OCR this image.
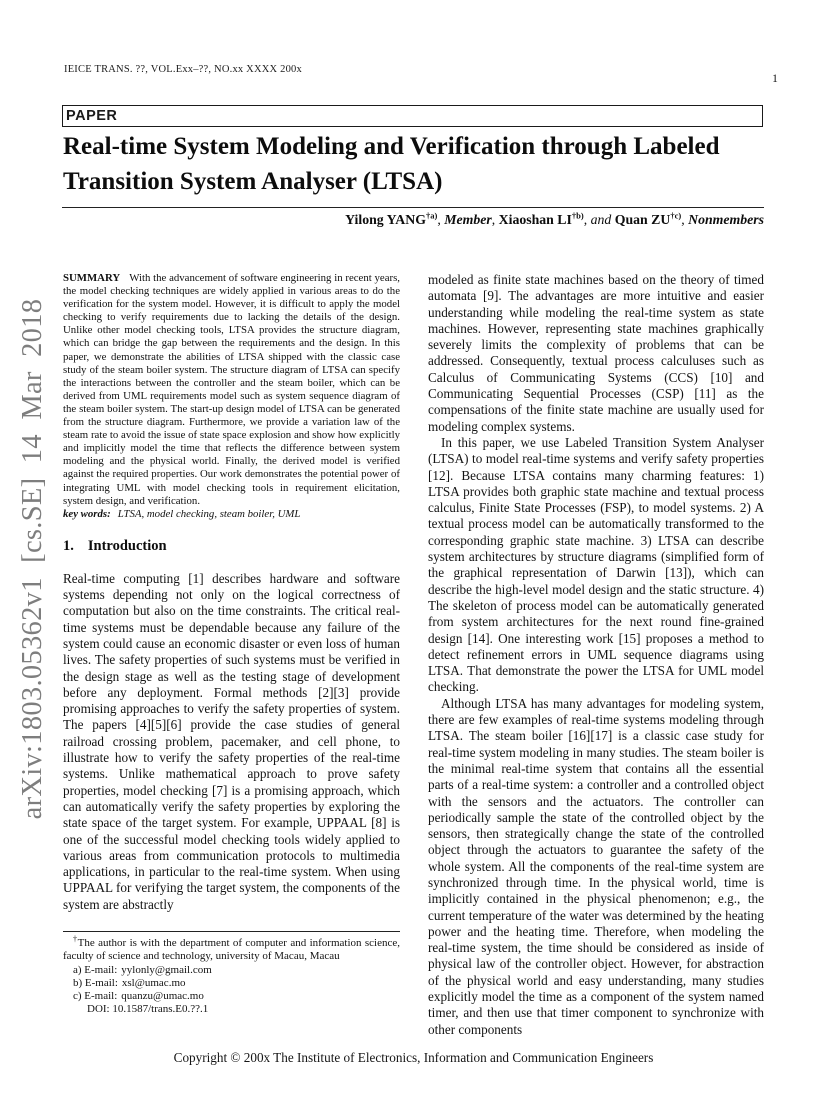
arXiv:1803.05362v1 [cs.SE] 14 Mar 2018
IEICE TRANS. ??, VOL.Exx–??, NO.xx XXXX 200x
1
PAPER
Real-time System Modeling and Verification through Labeled Transition System Analyser (LTSA)
Yilong YANG$^{\dagger a)}$, Member, Xiaoshan LI$^{\dagger b)}$, and Quan ZU$^{\dagger c)}$, Nonmembers

SUMMARY With the advancement of software engineering in recent years, the model checking techniques are widely applied in various areas to do the verification for the system model. However, it is difficult to apply the model checking to verify requirements due to lacking the details of the design. Unlike other model checking tools, LTSA provides the structure diagram, which can bridge the gap between the requirements and the design. In this paper, we demonstrate the abilities of LTSA shipped with the classic case study of the steam boiler system. The structure diagram of LTSA can specify the interactions between the controller and the steam boiler, which can be derived from UML requirements model such as system sequence diagram of the steam boiler system. The start-up design model of LTSA can be generated from the structure diagram. Furthermore, we provide a variation law of the steam rate to avoid the issue of state space explosion and show how explicitly and implicitly model the time that reflects the difference between system modeling and the physical world. Finally, the derived model is verified against the required properties. Our work demonstrates the potential power of integrating UML with model checking tools in requirement elicitation, system design, and verification.

key words: LTSA, model checking, steam boiler, UML

1. Introduction

Real-time computing [1] describes hardware and software systems depending not only on the logical correctness of computation but also on the time constraints. The critical real-time systems must be dependable because any failure of the system could cause an economic disaster or even loss of human lives. The safety properties of such systems must be verified in the design stage as well as the testing stage of development before any deployment. Formal methods [2][3] provide promising approaches to verify the safety properties of system. The papers [4][5][6] provide the case studies of general railroad crossing problem, pacemaker, and cell phone, to illustrate how to verify the safety properties of the real-time systems. Unlike mathematical approach to prove safety properties, model checking [7] is a promising approach, which can automatically verify the safety properties by exploring the state space of the target system. For example, UPPAAL [8] is one of the successful model checking tools widely applied to various areas from communication protocols to multimedia applications, in particular to the real-time system. When using UPPAAL for verifying the target system, the components of the system are abstractly

modeled as finite state machines based on the theory of timed automata [9]. The advantages are more intuitive and easier understanding while modeling the real-time system as state machines. However, representing state machines graphically severely limits the complexity of problems that can be addressed. Consequently, textual process calculuses such as Calculus of Communicating Systems (CCS) [10] and Communicating Sequential Processes (CSP) [11] as the compensations of the finite state machine are usually used for modeling complex systems.

In this paper, we use Labeled Transition System Analyser (LTSA) to model real-time systems and verify safety properties [12]. Because LTSA contains many charming features: 1) LTSA provides both graphic state machine and textual process calculus, Finite State Processes (FSP), to model systems. 2) A textual process model can be automatically transformed to the corresponding graphic state machine. 3) LTSA can describe system architectures by structure diagrams (simplified form of the graphical representation of Darwin [13]), which can describe the high-level model design and the static structure. 4) The skeleton of process model can be automatically generated from system architectures for the next round fine-grained design [14]. One interesting work [15] proposes a method to detect refinement errors in UML sequence diagrams using LTSA. That demonstrate the power the LTSA for UML model checking.

Although LTSA has many advantages for modeling system, there are few examples of real-time systems modeling through LTSA. The steam boiler [16][17] is a classic case study for real-time system modeling in many studies. The steam boiler is the minimal real-time system that contains all the essential parts of a real-time system: a controller and a controlled object with the sensors and the actuators. The controller can periodically sample the state of the controlled object by the sensors, then strategically change the state of the controlled object through the actuators to guarantee the safety of the whole system. All the components of the real-time system are synchronized through time. In the physical world, time is implicitly contained in the physical phenomenon; e.g., the current temperature of the water was determined by the heating power and the heating time. Therefore, when modeling the real-time system, the time should be considered as inside of physical law of the controller object. However, for abstraction of the physical world and easy understanding, many studies explicitly model the time as a component of the system named timer, and then use that timer component to synchronize with other components

†The author is with the department of computer and information science, faculty of science and technology, university of Macau, Macau

a) E-mail: yylonly@gmail.com

b) E-mail: xsl@umac.mo

c) E-mail: quanzu@umac.mo

DOI: 10.1587/trans.E0.??.1

Copyright © 200x The Institute of Electronics, Information and Communication Engineers
